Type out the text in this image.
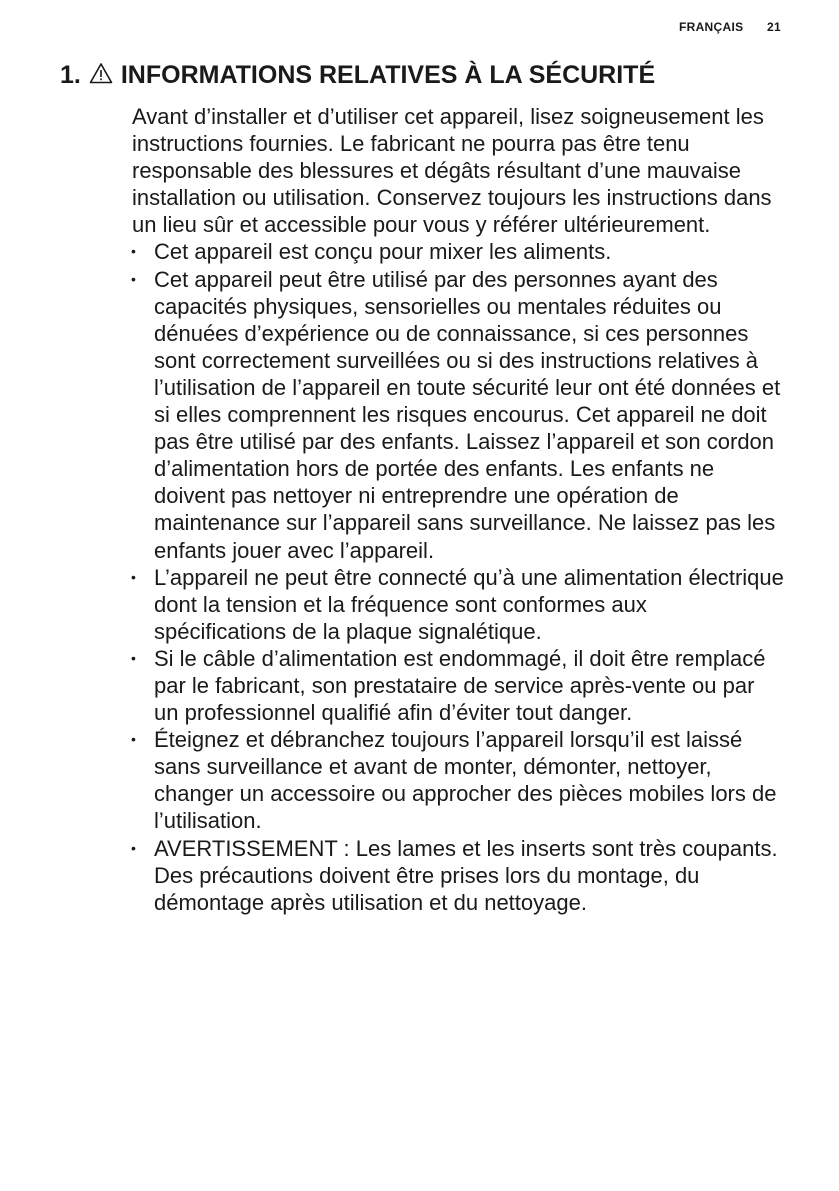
FRANÇAIS 21
1. INFORMATIONS RELATIVES À LA SÉCURITÉ

Avant d’installer et d’utiliser cet appareil, lisez soigneusement les instructions fournies. Le fabricant ne pourra pas être tenu responsable des blessures et dégâts résultant d’une mauvaise installation ou utilisation. Conservez toujours les instructions dans un lieu sûr et accessible pour vous y référer ultérieurement.

• Cet appareil est conçu pour mixer les aliments.
• Cet appareil peut être utilisé par des personnes ayant des capacités physiques, sensorielles ou mentales réduites ou dénuées d’expérience ou de connaissance, si ces personnes sont correctement surveillées ou si des instructions relatives à l’utilisation de l’appareil en toute sécurité leur ont été données et si elles comprennent les risques encourus. Cet appareil ne doit pas être utilisé par des enfants. Laissez l’appareil et son cordon d’alimentation hors de portée des enfants. Les enfants ne doivent pas nettoyer ni entreprendre une opération de maintenance sur l’appareil sans surveillance. Ne laissez pas les enfants jouer avec l’appareil.
• L’appareil ne peut être connecté qu’à une alimentation électrique dont la tension et la fréquence sont conformes aux spécifications de la plaque signalétique.
• Si le câble d’alimentation est endommagé, il doit être remplacé par le fabricant, son prestataire de service après-vente ou par un professionnel qualifié afin d’éviter tout danger.
• Éteignez et débranchez toujours l’appareil lorsqu’il est laissé sans surveillance et avant de monter, démonter, nettoyer, changer un accessoire ou approcher des pièces mobiles lors de l’utilisation.
• AVERTISSEMENT : Les lames et les inserts sont très coupants. Des précautions doivent être prises lors du montage, du démontage après utilisation et du nettoyage.
